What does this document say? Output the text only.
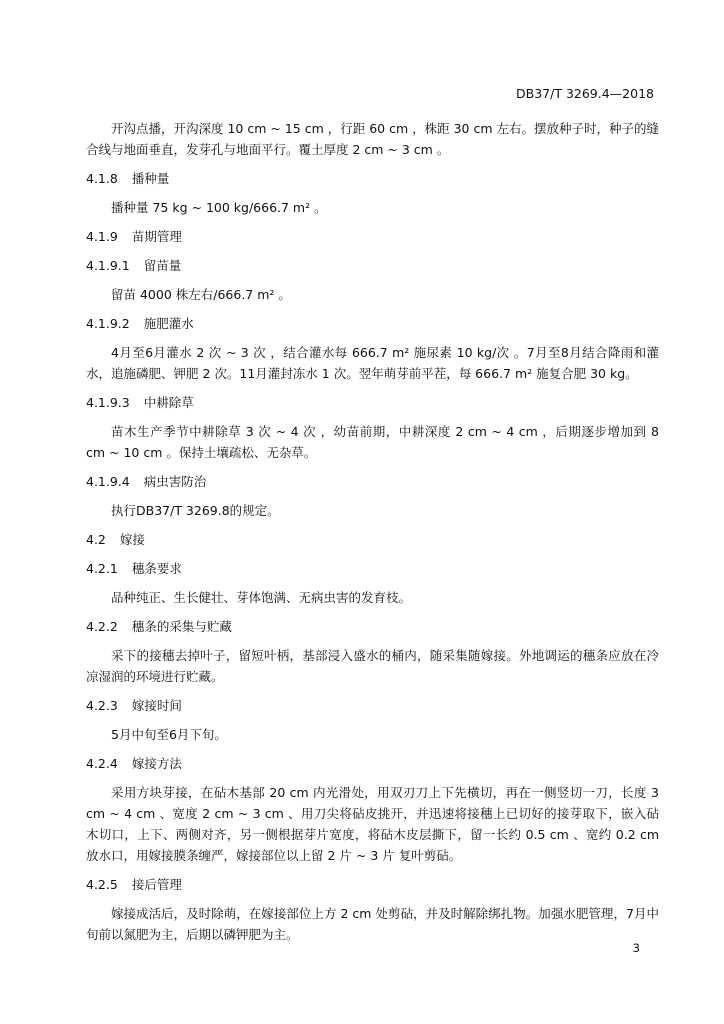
DB37/T 3269.4—2018
开沟点播，开沟深度 10 cm ~ 15 cm ，行距 60 cm ，株距 30 cm 左右。摆放种子时，种子的缝合线与地面垂直，发芽孔与地面平行。覆土厚度 2 cm ~ 3 cm 。
4.1.8 播种量
播种量 75 kg ~ 100 kg/666.7 m² 。
4.1.9 苗期管理
4.1.9.1 留苗量
留苗 4000 株左右/666.7 m² 。
4.1.9.2 施肥灌水
4月至6月灌水 2 次 ~ 3 次 ，结合灌水每 666.7 m² 施尿素 10 kg/次 。7月至8月结合降雨和灌水，追施磷肥、钾肥 2 次。11月灌封冻水 1 次。翌年萌芽前平茬，每 666.7 m² 施复合肥 30 kg。
4.1.9.3 中耕除草
苗木生产季节中耕除草 3 次 ~ 4 次 ，幼苗前期，中耕深度 2 cm ~ 4 cm ，后期逐步增加到 8 cm ~ 10 cm 。保持土壤疏松、无杂草。
4.1.9.4 病虫害防治
执行DB37/T 3269.8的规定。
4.2 嫁接
4.2.1 穗条要求
品种纯正、生长健壮、芽体饱满、无病虫害的发育枝。
4.2.2 穗条的采集与贮藏
采下的接穗去掉叶子，留短叶柄，基部浸入盛水的桶内，随采集随嫁接。外地调运的穗条应放在冷凉湿润的环境进行贮藏。
4.2.3 嫁接时间
5月中旬至6月下旬。
4.2.4 嫁接方法
采用方块芽接，在砧木基部 20 cm 内光滑处，用双刃刀上下先横切，再在一侧竖切一刀，长度 3 cm ~ 4 cm 、宽度 2 cm ~ 3 cm 、用刀尖将砧皮挑开，并迅速将接穗上已切好的接芽取下，嵌入砧木切口，上下、两侧对齐，另一侧根据芽片宽度，将砧木皮层撕下，留一长约 0.5 cm 、宽约 0.2 cm 放水口，用嫁接膜条缠严，嫁接部位以上留 2 片 ~ 3 片 复叶剪砧。
4.2.5 接后管理
嫁接成活后，及时除萌，在嫁接部位上方 2 cm 处剪砧，并及时解除绑扎物。加强水肥管理，7月中旬前以氮肥为主，后期以磷钾肥为主。
3
